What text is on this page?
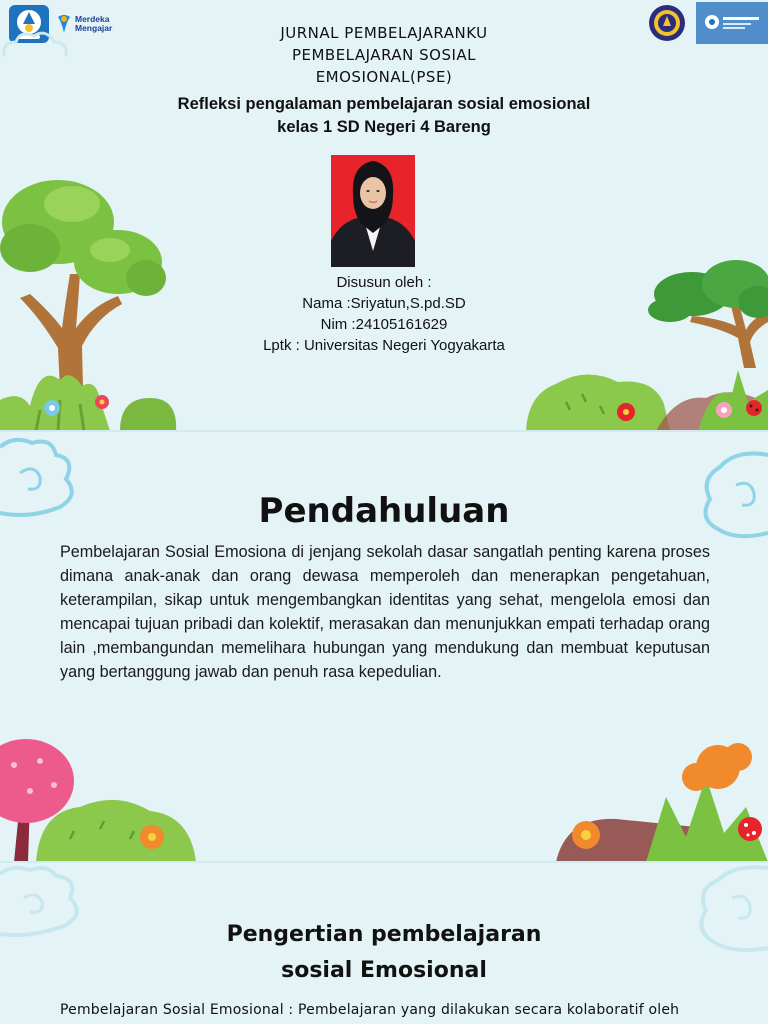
Merdeka
Mengajar	JURNAL PEMBELAJARANKU
PEMBELAJARAN SOSIAL
EMOSIONAL(PSE)
Refleksi pengalaman pembelajaran sosial emosional
kelas 1 SD Negeri 4 Bareng
Disusun oleh :
Nama :Sriyatun,S.pd.SD
Nim :24105161629
Lptk : Universitas Negeri Yogyakarta
Pendahuluan
Pembelajaran Sosial Emosiona di jenjang sekolah dasar sangatlah penting karena proses dimana anak-anak dan orang dewasa memperoleh dan menerapkan pengetahuan, keterampilan, sikap untuk mengembangkan identitas yang sehat, mengelola emosi dan mencapai tujuan pribadi dan kolektif, merasakan dan menunjukkan empati terhadap orang lain ,membangundan memelihara hubungan yang mendukung dan membuat keputusan yang bertanggung jawab dan penuh rasa kepedulian.
Pengertian pembelajaran
sosial Emosional
Pembelajaran Sosial Emosional : Pembelajaran yang dilakukan secara kolaboratif oleh
